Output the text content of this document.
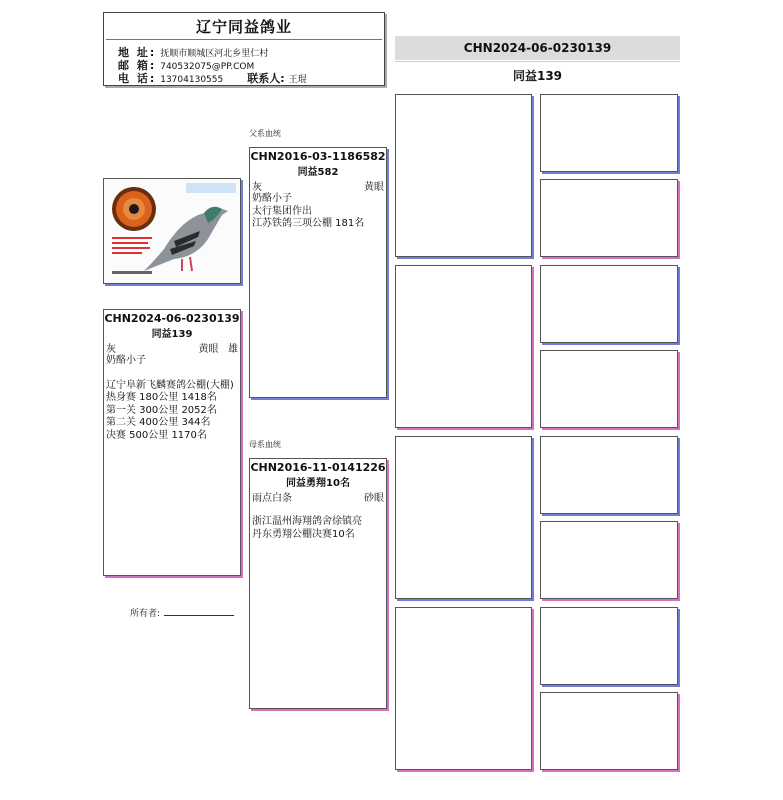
辽宁同益鸽业
地 址: 抚顺市顺城区河北乡里仁村
邮 箱: 740532075@PP.COM
电 话: 13704130555 联系人: 王琨
CHN2024-06-0230139
同益139
CHN2024-06-0230139
同益139
灰	黄眼 雄
奶酪小子
辽宁阜新飞麟赛鸽公棚(大棚)
热身赛 180公里 1418名
第一关 300公里 2052名
第二关 400公里 344名
决赛 500公里 1170名
所有者:
父系血统
CHN2016-03-1186582
同益582
灰	黄眼
奶酪小子
太行集团作出
江苏铁鸽三项公棚 181名
母系血统
CHN2016-11-0141226
同益勇翔10名
雨点白条	砂眼
浙江温州海翔鸽舍徐镇亮
丹东勇翔公棚决赛10名
